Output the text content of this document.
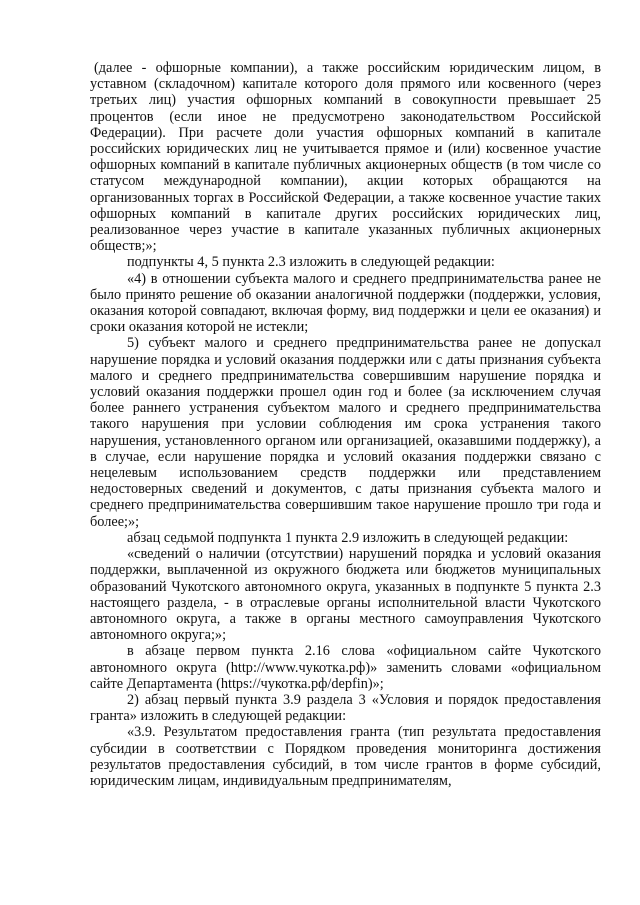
(далее - офшорные компании), а также российским юридическим лицом, в уставном (складочном) капитале которого доля прямого или косвенного (через третьих лиц) участия офшорных компаний в совокупности превышает 25 процентов (если иное не предусмотрено законодательством Российской Федерации). При расчете доли участия офшорных компаний в капитале российских юридических лиц не учитывается прямое и (или) косвенное участие офшорных компаний в капитале публичных акционерных обществ (в том числе со статусом международной компании), акции которых обращаются на организованных торгах в Российской Федерации, а также косвенное участие таких офшорных компаний в капитале других российских юридических лиц, реализованное через участие в капитале указанных публичных акционерных обществ;»;

подпункты 4, 5 пункта 2.3 изложить в следующей редакции:

«4) в отношении субъекта малого и среднего предпринимательства ранее не было принято решение об оказании аналогичной поддержки (поддержки, условия, оказания которой совпадают, включая форму, вид поддержки и цели ее оказания) и сроки оказания которой не истекли;

5) субъект малого и среднего предпринимательства ранее не допускал нарушение порядка и условий оказания поддержки или с даты признания субъекта малого и среднего предпринимательства совершившим нарушение порядка и условий оказания поддержки прошел один год и более (за исключением случая более раннего устранения субъектом малого и среднего предпринимательства такого нарушения при условии соблюдения им срока устранения такого нарушения, установленного органом или организацией, оказавшими поддержку), а в случае, если нарушение порядка и условий оказания поддержки связано с нецелевым использованием средств поддержки или представлением недостоверных сведений и документов, с даты признания субъекта малого и среднего предпринимательства совершившим такое нарушение прошло три года и более;»;

абзац седьмой подпункта 1 пункта 2.9 изложить в следующей редакции:

«сведений о наличии (отсутствии) нарушений порядка и условий оказания поддержки, выплаченной из окружного бюджета или бюджетов муниципальных образований Чукотского автономного округа, указанных в подпункте 5 пункта 2.3 настоящего раздела, - в отраслевые органы исполнительной власти Чукотского автономного округа, а также в органы местного самоуправления Чукотского автономного округа;»;

в абзаце первом пункта 2.16 слова «официальном сайте Чукотского автономного округа (http://www.чукотка.рф)» заменить словами «официальном сайте Департамента (https://чукотка.рф/depfin)»;

2) абзац первый пункта 3.9 раздела 3 «Условия и порядок предоставления гранта» изложить в следующей редакции:

«3.9. Результатом предоставления гранта (тип результата предоставления субсидии в соответствии с Порядком проведения мониторинга достижения результатов предоставления субсидий, в том числе грантов в форме субсидий, юридическим лицам, индивидуальным предпринимателям,
